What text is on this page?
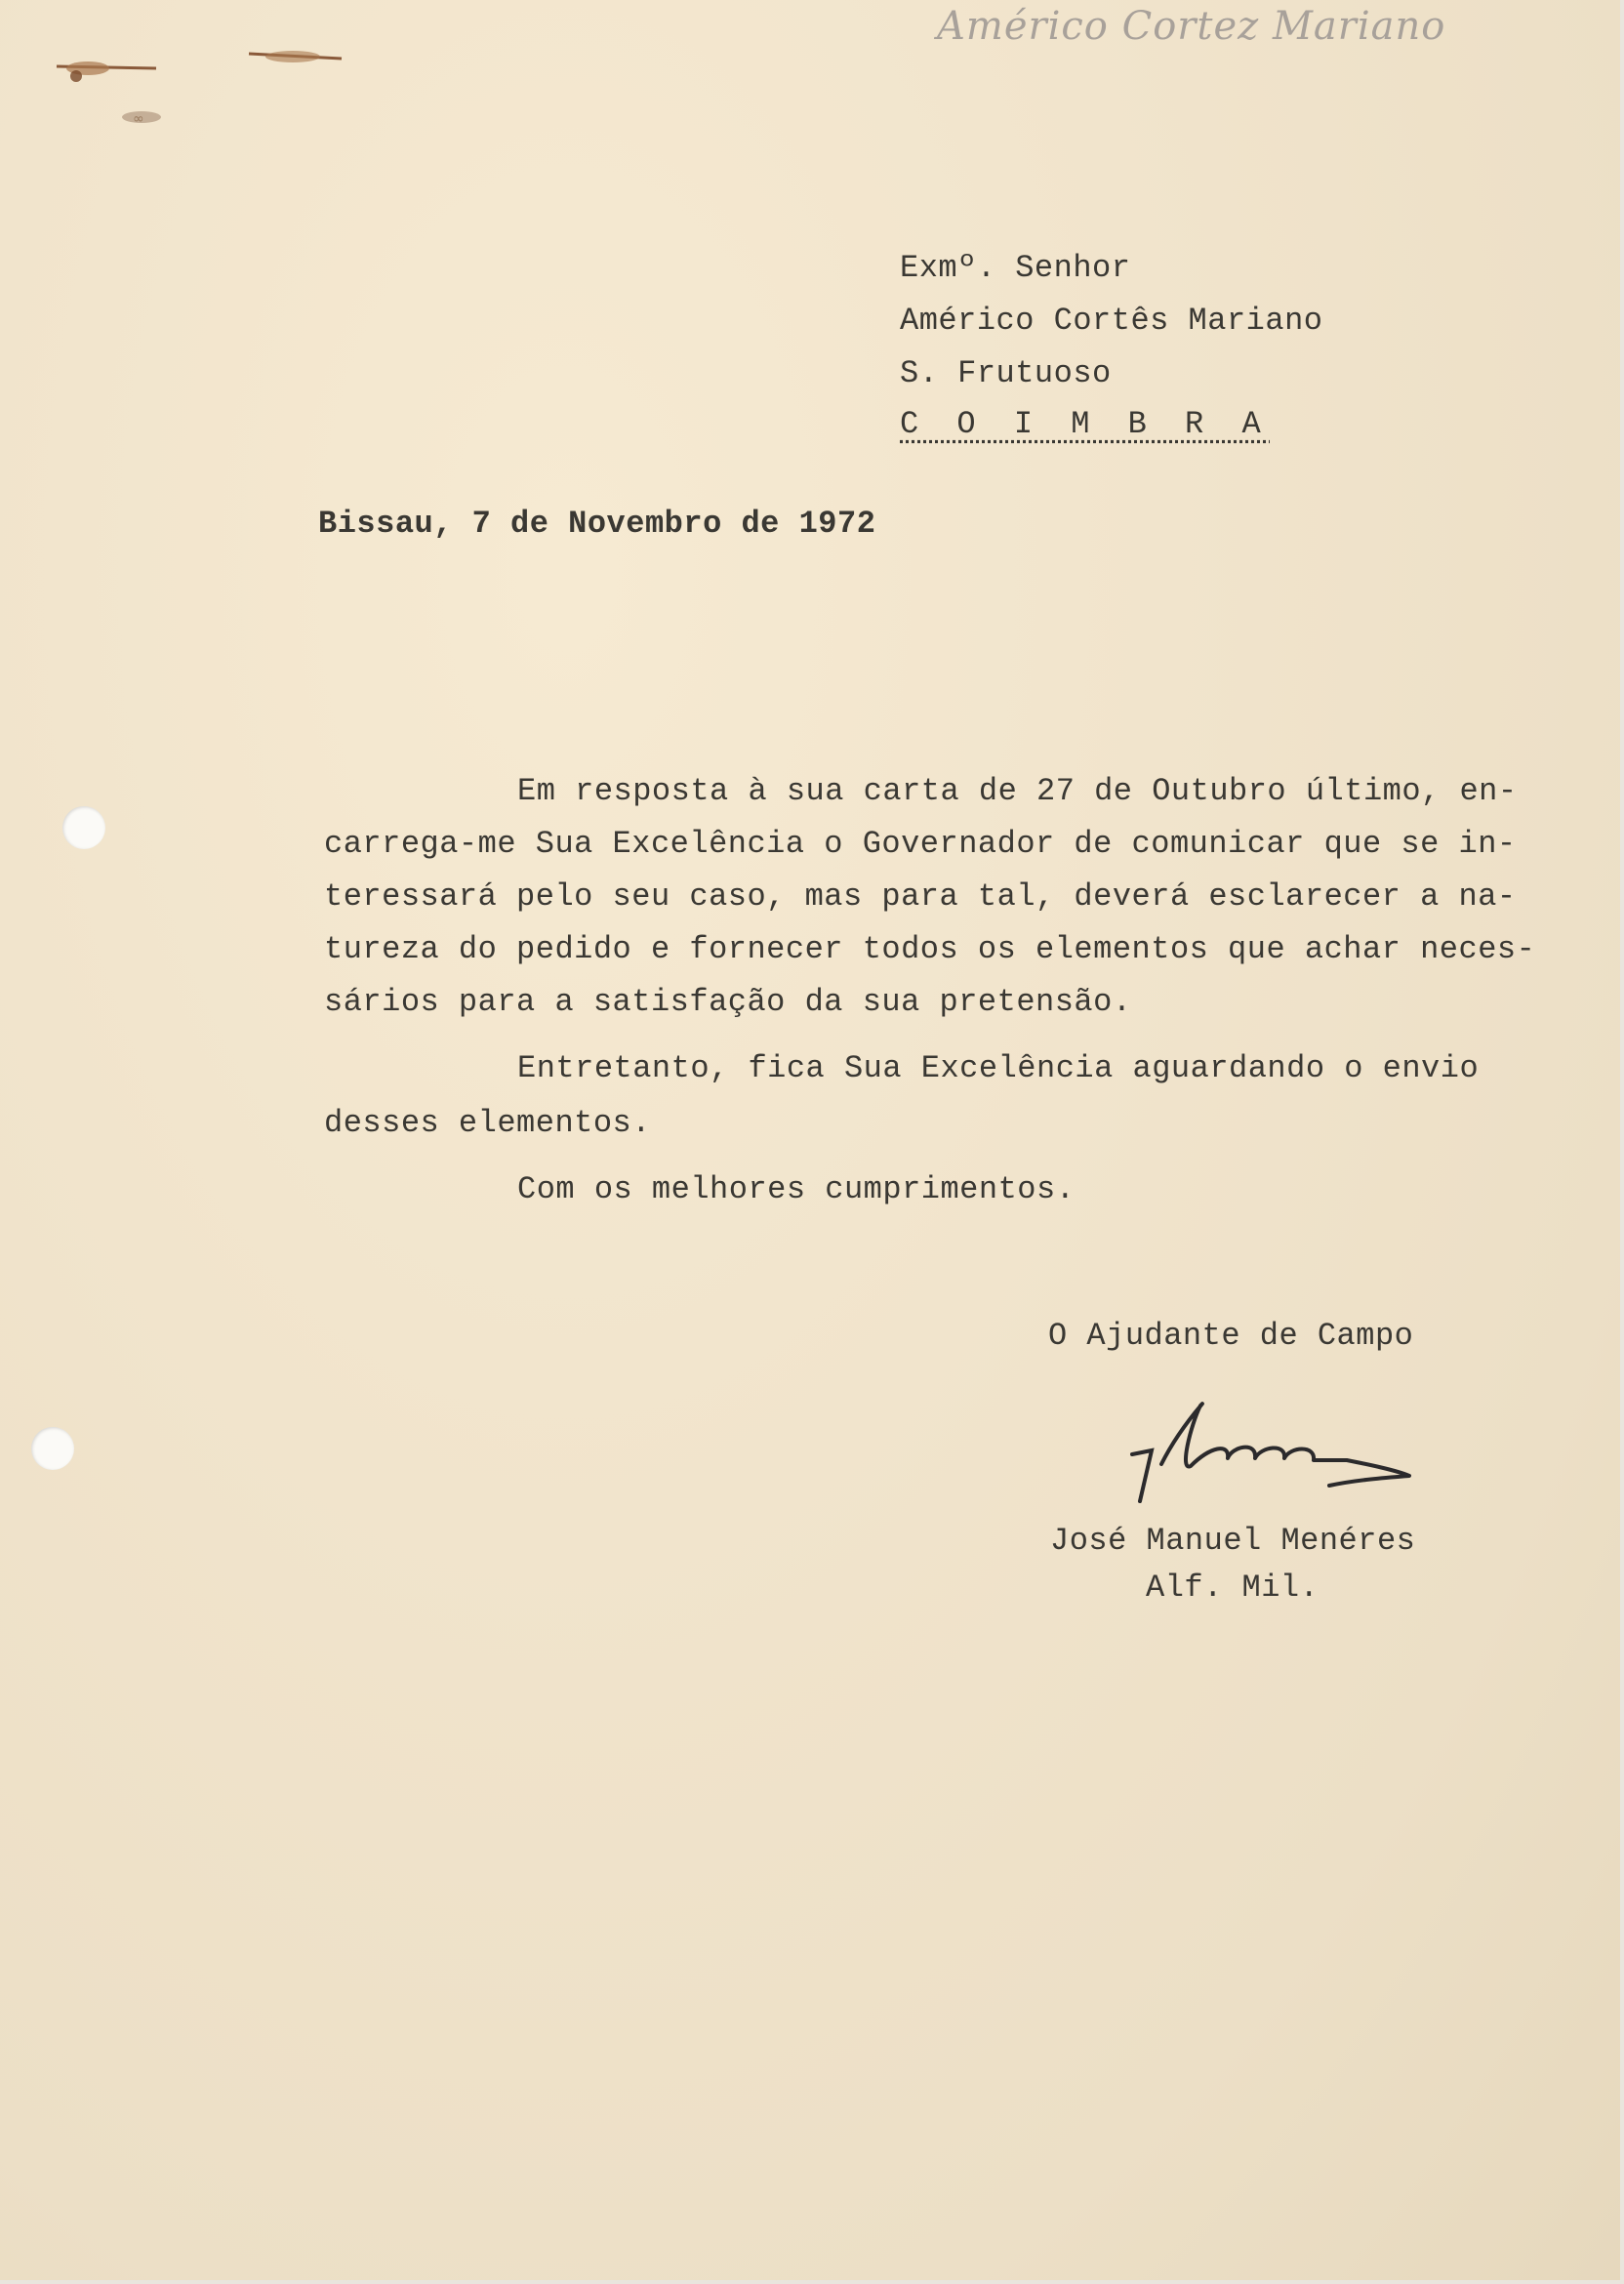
∞
Américo Cortez Mariano
Exmº. Senhor
Américo Cortês Mariano
S. Frutuoso
C O I M B R A
Bissau, 7 de Novembro de 1972
Em resposta à sua carta de 27 de Outubro último, en-
carrega-me Sua Excelência o Governador de comunicar que se in-
teressará pelo seu caso, mas para tal, deverá esclarecer a na-
tureza do pedido e fornecer todos os elementos que achar neces-
sários para a satisfação da sua pretensão.
Entretanto, fica Sua Excelência aguardando o envio
desses elementos.
Com os melhores cumprimentos.
O Ajudante de Campo
José Manuel Menéres
Alf. Mil.
